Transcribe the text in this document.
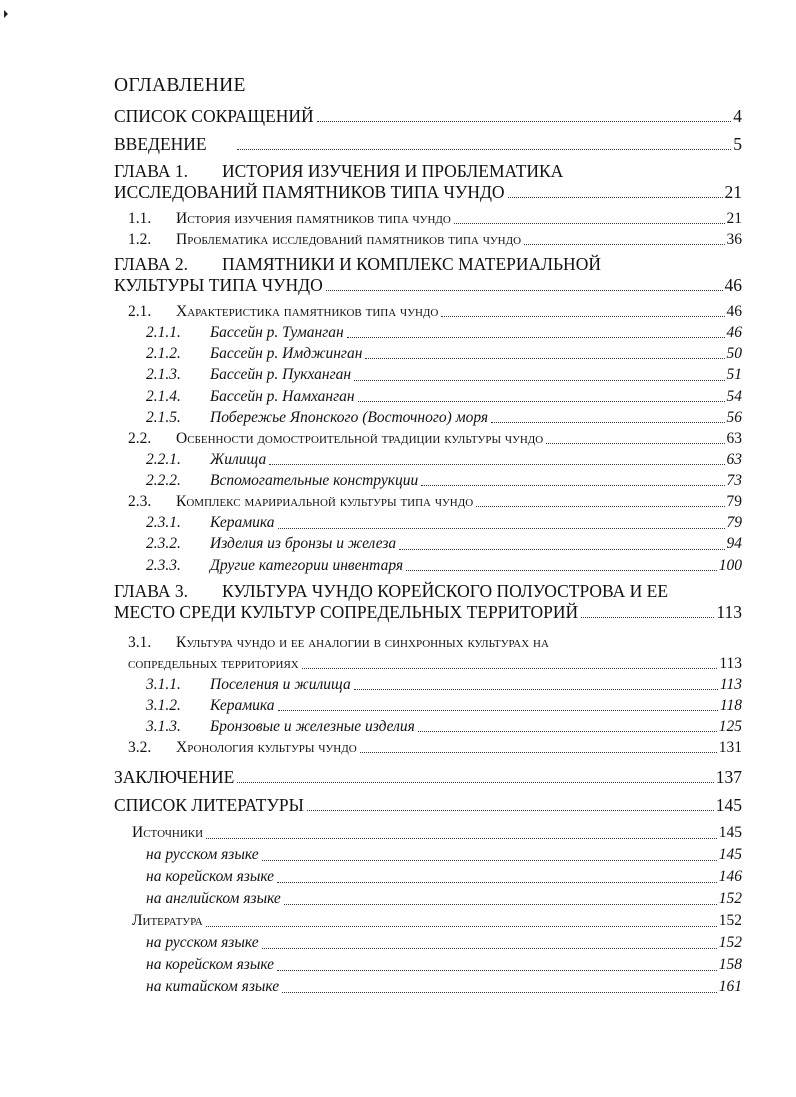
ОГЛАВЛЕНИЕ
СПИСОК СОКРАЩЕНИЙ	4
ВВЕДЕНИЕ	5
ГЛАВА 1. ИСТОРИЯ ИЗУЧЕНИЯ И ПРОБЛЕМАТИКА
ИССЛЕДОВАНИЙ ПАМЯТНИКОВ ТИПА ЧУНДО	21
1.1. История изучения памятников типа чундо	21
1.2. Проблематика исследований памятников типа чундо	36
ГЛАВА 2. ПАМЯТНИКИ И КОМПЛЕКС МАТЕРИАЛЬНОЙ
КУЛЬТУРЫ ТИПА ЧУНДО	46
2.1. Характеристика памятников типа чундо	46
2.1.1. Бассейн р. Туманган	46
2.1.2. Бассейн р. Имджинган	50
2.1.3. Бассейн р. Пукханган	51
2.1.4. Бассейн р. Намханган	54
2.1.5. Побережье Японского (Восточного) моря	56
2.2. Осбенности домостроительной традиции культуры чундо	63
2.2.1. Жилища	63
2.2.2. Вспомогательные конструкции	73
2.3. Комплекс маририальной культуры типа чундо	79
2.3.1. Керамика	79
2.3.2. Изделия из бронзы и железа	94
2.3.3. Другие категории инвентаря	100
ГЛАВА 3. КУЛЬТУРА ЧУНДО КОРЕЙСКОГО ПОЛУОСТРОВА И ЕЕ
МЕСТО СРЕДИ КУЛЬТУР СОПРЕДЕЛЬНЫХ ТЕРРИТОРИЙ	113
3.1. Культура чундо и ее аналогии в синхронных культурах на
сопредельных территориях	113
3.1.1. Поселения и жилища	113
3.1.2. Керамика	118
3.1.3. Бронзовые и железные изделия	125
3.2. Хронология культуры чундо	131
ЗАКЛЮЧЕНИЕ	137
СПИСОК ЛИТЕРАТУРЫ	145
Источники	145
на русском языке	145
на корейском языке	146
на английском языке	152
Литература	152
на русском языке	152
на корейском языке	158
на китайском языке	161
